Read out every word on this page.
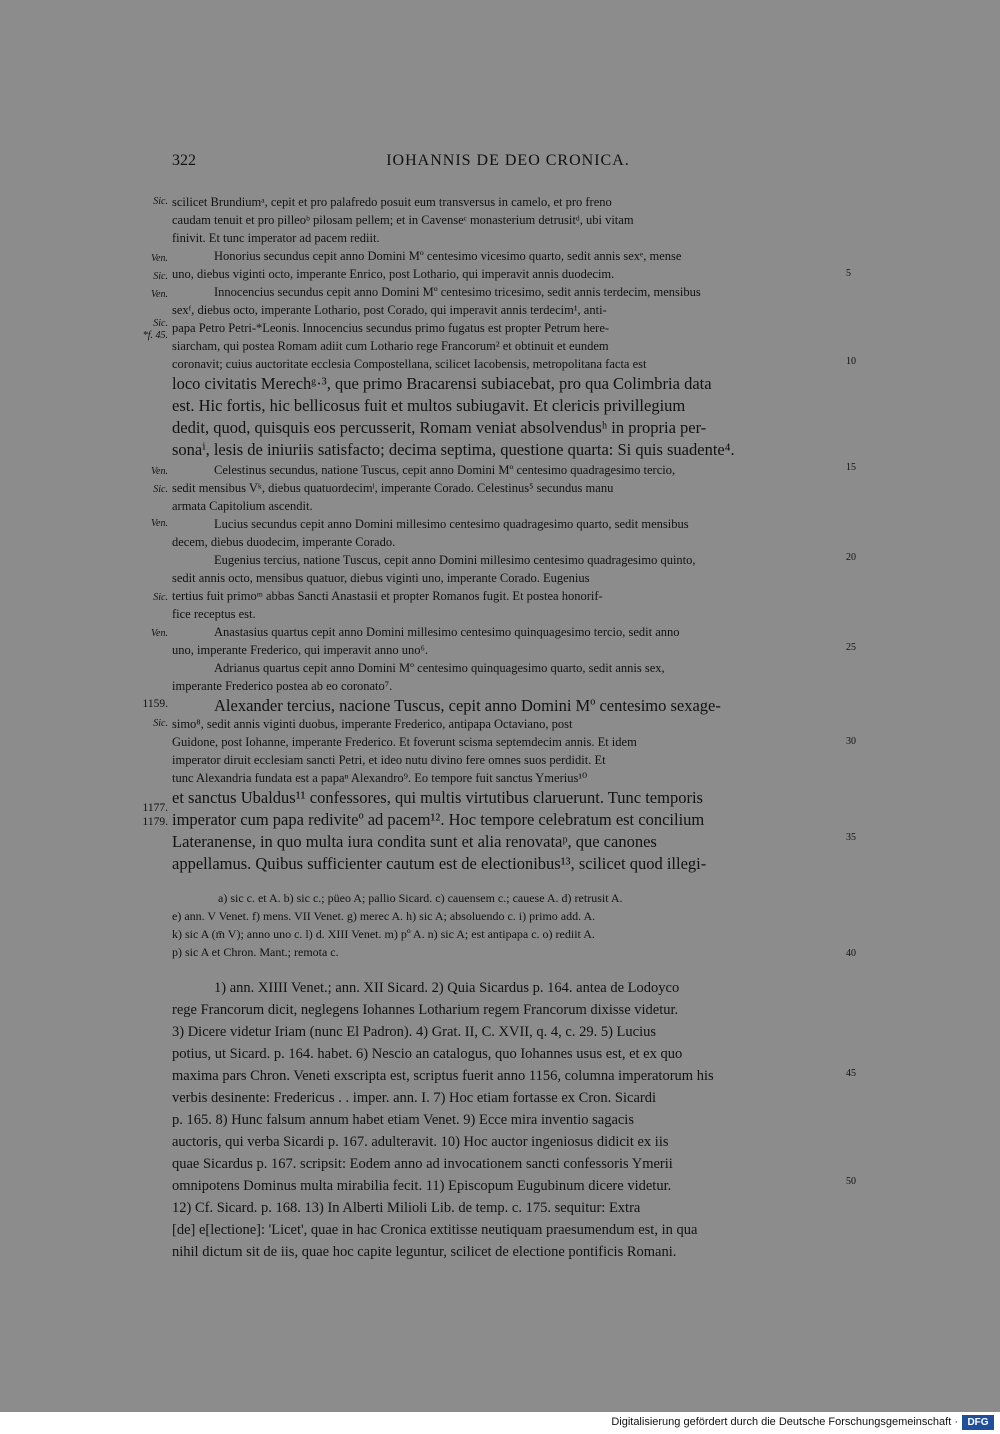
322	IOHANNIS DE DEO CRONICA.
Sic.
Ven.
Sic.
Ven.
Sic.
*f. 45.
Ven.
Sic.
Ven.
Sic.
Ven.
1159.
Sic.
1177.
1179.
5
10
15
20
25
30
35
40
45
50
scilicet Brundiumᵃ, cepit et pro palafredo posuit eum transversus in camelo, et pro freno
caudam tenuit et pro pilleoᵇ pilosam pellem; et in Cavenseᶜ monasterium detrusitᵈ, ubi vitam
finivit. Et tunc imperator ad pacem rediit.
Honorius secundus cepit anno Domini Mº centesimo vicesimo quarto, sedit annis sexᵉ, mense
uno, diebus viginti octo, imperante Enrico, post Lothario, qui imperavit annis duodecim.
Innocencius secundus cepit anno Domini Mº centesimo tricesimo, sedit annis terdecim, mensibus
sexᶠ, diebus octo, imperante Lothario, post Corado, qui imperavit annis terdecim¹, anti-
papa Petro Petri-*Leonis. Innocencius secundus primo fugatus est propter Petrum here-
siarcham, qui postea Romam adiit cum Lothario rege Francorum² et obtinuit et eundem
coronavit; cuius auctoritate ecclesia Compostellana, scilicet Iacobensis, metropolitana facta est
loco civitatis Merechᵍ·³, que primo Bracarensi subiacebat, pro qua Colimbria data
est. Hic fortis, hic bellicosus fuit et multos subiugavit. Et clericis privillegium
dedit, quod, quisquis eos percusserit, Romam veniat absolvendusʰ in propria per-
sonaⁱ, lesis de iniuriis satisfacto; decima septima, questione quarta: Si quis suadente⁴.
Celestinus secundus, natione Tuscus, cepit anno Domini Mº centesimo quadragesimo tercio,
sedit mensibus Vᵏ, diebus quatuordecimˡ, imperante Corado. Celestinus⁵ secundus manu
armata Capitolium ascendit.
Lucius secundus cepit anno Domini millesimo centesimo quadragesimo quarto, sedit mensibus
decem, diebus duodecim, imperante Corado.
Eugenius tercius, natione Tuscus, cepit anno Domini millesimo centesimo quadragesimo quinto,
sedit annis octo, mensibus quatuor, diebus viginti uno, imperante Corado. Eugenius
tertius fuit primoᵐ abbas Sancti Anastasii et propter Romanos fugit. Et postea honorif-
fice receptus est.
Anastasius quartus cepit anno Domini millesimo centesimo quinquagesimo tercio, sedit anno
uno, imperante Frederico, qui imperavit anno uno⁶.
Adrianus quartus cepit anno Domini Mº centesimo quinquagesimo quarto, sedit annis sex,
imperante Frederico postea ab eo coronato⁷.
Alexander terсius, nacione Tuscus, cepit anno Domini Mº centesimo sexage-
simo⁸, sedit annis viginti duobus, imperante Frederico, antipapa Octaviano, post
Guidone, post Iohanne, imperante Frederico. Et foverunt scisma septemdecim annis. Et idem
imperator diruit ecclesiam sancti Petri, et ideo nutu divino fere omnes suos perdidit. Et
tunc Alexandria fundata est a papaⁿ Alexandro⁹. Eo tempore fuit sanctus Ymerius¹⁰
et sanctus Ubaldus¹¹ confessores, qui multis virtutibus claruerunt. Tunc temporis
imperator cum papa rediviteº ad pacem¹². Hoc tempore celebratum est concilium
Lateranense, in quo multa iura condita sunt et alia renovataᵖ, que canones
appellamus. Quibus sufficienter cautum est de electionibus¹³, scilicet quod illegi-
a) sic c. et A. b) sic c.; püeo A; pallio Sicard. c) cauensem c.; cauese A. d) retrusit A.
e) ann. V Venet. f) mens. VII Venet. g) merec A. h) sic A; absoluendo c. i) primo add. A.
k) sic A (m̄ V); anno uno c. l) d. XIII Venet. m) pº A. n) sic A; est antipapa c. o) rediit A.
p) sic A et Chron. Mant.; remota c.
1) ann. XIIII Venet.; ann. XII Sicard. 2) Quia Sicardus p. 164. antea de Lodoyco
rege Francorum dicit, neglegens Iohannes Lotharium regem Francorum dixisse videtur.
3) Dicere videtur Iriam (nunc El Padron). 4) Grat. II, C. XVII, q. 4, c. 29. 5) Lucius
potius, ut Sicard. p. 164. habet. 6) Nescio an catalogus, quo Iohannes usus est, et ex quo
maxima pars Chron. Veneti exscripta est, scriptus fuerit anno 1156, columna imperatorum his
verbis desinente: Fredericus . . imper. ann. I. 7) Hoc etiam fortasse ex Cron. Sicardi
p. 165. 8) Hunc falsum annum habet etiam Venet. 9) Ecce mira inventio sagacis
auctoris, qui verba Sicardi p. 167. adulteravit. 10) Hoc auctor ingeniosus didicit ex iis
quae Sicardus p. 167. scripsit: Eodem anno ad invocationem sancti confessoris Ymerii
omnipotens Dominus multa mirabilia fecit. 11) Episcopum Eugubinum dicere videtur.
12) Cf. Sicard. p. 168. 13) In Alberti Milioli Lib. de temp. c. 175. sequitur: Extra
[de] e[lectione]: 'Licet', quae in hac Cronica extitisse neutiquam praesumendum est, in qua
nihil dictum sit de iis, quae hoc capite leguntur, scilicet de electione pontificis Romani.
Digitalisierung gefördert durch die Deutsche Forschungsgemeinschaft · DFG
